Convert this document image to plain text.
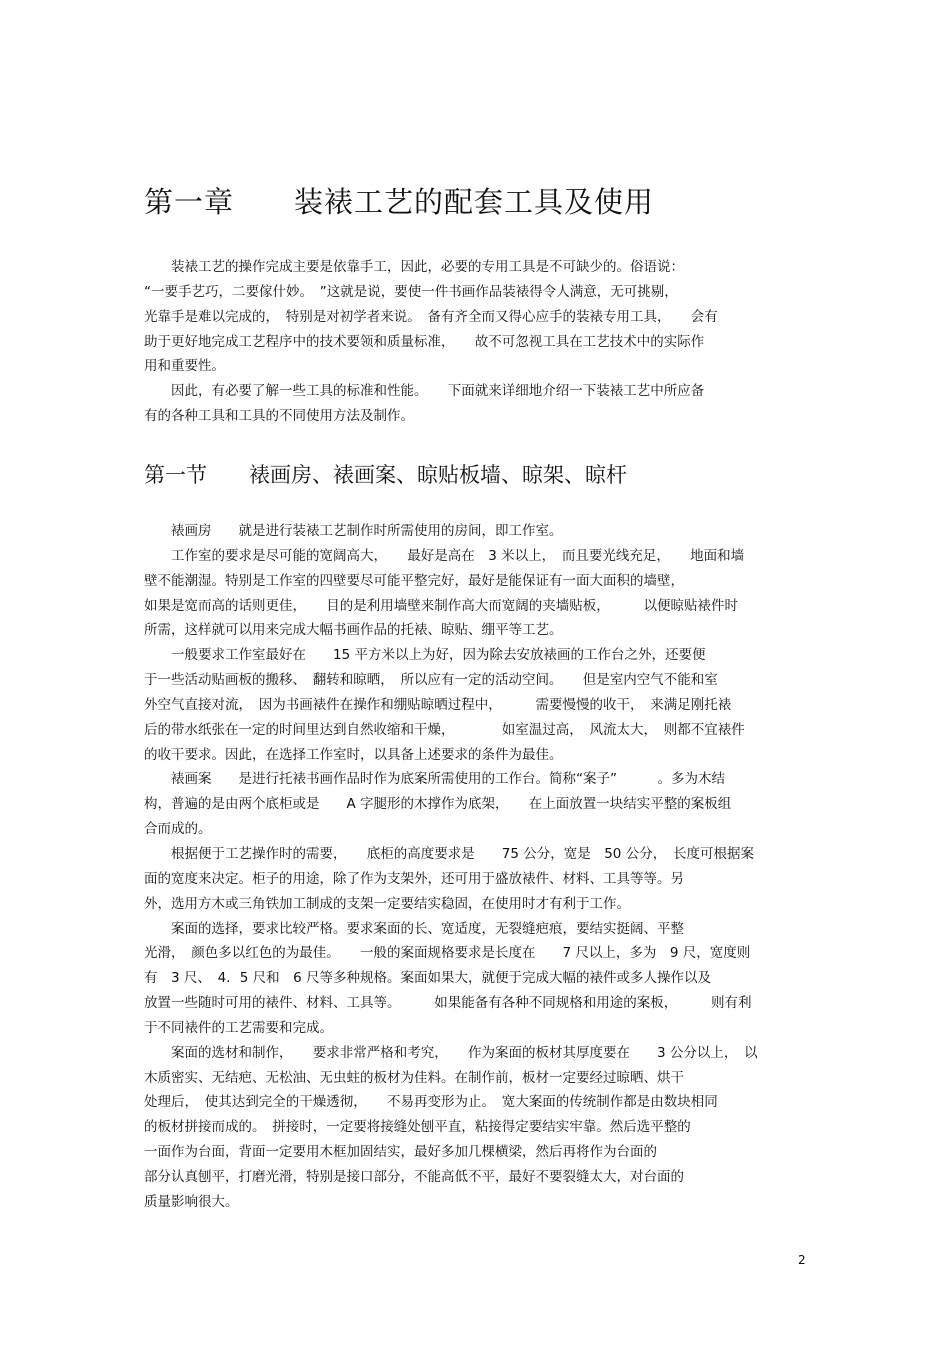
第一章　　装裱工艺的配套工具及使用
　　装裱工艺的操作完成主要是依靠手工，因此，必要的专用工具是不可缺少的。俗语说：
“一要手艺巧，二要傢什妙。　”这就是说，要使一件书画作品装裱得令人满意，无可挑剔，
光靠手是难以完成的，　特别是对初学者来说。　备有齐全而又得心应手的装裱专用工具，　　会有
助于更好地完成工艺程序中的技术要领和质量标准，　　故不可忽视工具在工艺技术中的实际作
用和重要性。
　　因此，有必要了解一些工具的标准和性能。　　下面就来详细地介绍一下装裱工艺中所应备
有的各种工具和工具的不同使用方法及制作。
第一节　　裱画房、裱画案、晾贴板墙、晾架、晾杆
　　裱画房　　就是进行装裱工艺制作时所需使用的房间，即工作室。
　　工作室的要求是尽可能的宽阔高大，　　最好是高在　3 米以上，　而且要光线充足，　　地面和墙
壁不能潮湿。特别是工作室的四壁要尽可能平整完好，最好是能保证有一面大面积的墙壁，
如果是宽而高的话则更佳，　　目的是利用墙壁来制作高大而宽阔的夹墙贴板，　　　以便晾贴裱件时
所需，这样就可以用来完成大幅书画作品的托裱、晾贴、绷平等工艺。
　　一般要求工作室最好在　　15 平方米以上为好，因为除去安放裱画的工作台之外，还要便
于一些活动贴画板的搬移、　翻转和晾晒，　所以应有一定的活动空间。　　但是室内空气不能和室
外空气直接对流，　因为书画裱件在操作和绷贴晾晒过程中，　　　需要慢慢的收干，　来满足刚托裱
后的带水纸张在一定的时间里达到自然收缩和干燥，　　　　如室温过高，　风流太大，　则都不宜裱件
的收干要求。因此，在选择工作室时，以具备上述要求的条件为最佳。
　　裱画案　　是进行托裱书画作品时作为底案所需使用的工作台。简称“案子”　　　。多为木结
构，普遍的是由两个底柜或是　　A 字腿形的木撑作为底架，　　在上面放置一块结实平整的案板组
合而成的。
　　根据便于工艺操作时的需要，　　底柜的高度要求是　　75 公分，宽是　50 公分，　长度可根据案
面的宽度来决定。柜子的用途，除了作为支架外，还可用于盛放裱件、材料、工具等等。另
外，选用方木或三角铁加工制成的支架一定要结实稳固，在使用时才有利于工作。
　　案面的选择，要求比较严格。要求案面的长、宽适度，无裂缝疤痕，要结实挺阔、平整
光滑，　颜色多以红色的为最佳。　　一般的案面规格要求是长度在　　7 尺以上，多为　9 尺，宽度则
有　3 尺、　4．5 尺和　6 尺等多种规格。案面如果大，就便于完成大幅的裱件或多人操作以及
放置一些随时可用的裱件、材料、工具等。　　　如果能备有各种不同规格和用途的案板，　　　则有利
于不同裱件的工艺需要和完成。
　　案面的选材和制作，　　要求非常严格和考究，　　作为案面的板材其厚度要在　　3 公分以上，　以
木质密实、无结疤、无松油、无虫蛀的板材为佳料。在制作前，板材一定要经过晾晒、烘干
处理后，　使其达到完全的干燥透彻，　　不易再变形为止。　宽大案面的传统制作都是由数块相同
的板材拼接而成的。　拼接时，一定要将接缝处刨平直，粘接得定要结实牢靠。然后选平整的
一面作为台面，背面一定要用木框加固结实，最好多加几棵横梁，然后再将作为台面的
部分认真刨平，打磨光滑，特别是接口部分，不能高低不平，最好不要裂缝太大，对台面的
质量影响很大。
2
